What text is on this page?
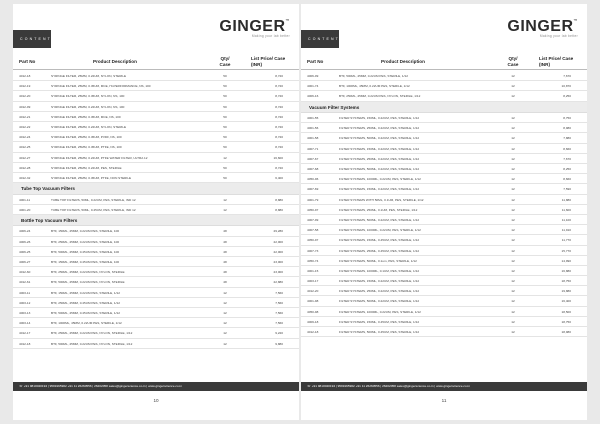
C O N T E N T S
GINGER™
Making your lab better
Part No	Product Description
Qty/ Case
List Price/ Case (INR)
4012-18	SYRINGE FILTER, 25MM, 0.22UM, NYLON, STERILE	50	8,720
4012-19	SYRINGE FILTER, 25MM, 0.45UM, MCE, HI-PERFORMANCE, NS, 100	50	8,720
4012-20	SYRINGE FILTER, 25MM, 0.45UM, NYLON, NS, 100	50	8,720
4012-09	SYRINGE FILTER, 25MM, 0.22UM, NYLON, NS, 100	50	8,720
4012-21	SYRINGE FILTER, 25MM, 0.45UM, MCE, NS, 100	50	8,720
4012-22	SYRINGE FILTER, 25MM, 0.22UM, NYLON, STERILE	50	8,720
4012-24	SYRINGE FILTER, 25MM, 0.45UM, PVDF, NS, 100	50	8,720
4012-25	SYRINGE FILTER, 25MM, 0.45UM, PTFE, NS, 100	50	8,720
4012-27	SYRINGE FILTER, 25MM, 0.22UM, PTFE WATER FILTER, ULTRA 12	12	16,600
4012-28	SYRINGE FILTER, 25MM, 0.22UM, PES, STERILE	50	8,720
4012-32	SYRINGE FILTER, 25MM, 0.45UM, PTFE, NON STERILE	50	6,400
Tube Top Vacuum Filters
4001-11	TUBE TOP FILTERS, 50ML, 0.22UM, PES, STERILE, IND 12	12	8,880
4001-20	TUBE TOP FILTERS, 50ML, 0.45UM, PES, STERILE, IND 12	12	8,880
Bottle Top Vacuum Filters
4006-24	BTF, 150ML, 45MM, 0.22UM PES, STERILE, 100	48	29,280
4006-26	BTF, 250ML, 45MM, 0.22UM PES, STERILE, 100	48	22,000
4006-25	BTF, 500ML, 45MM, 0.45UM PES, STERILE, 100	48	22,000
4006-27	BTF, 150ML, 45MM, 0.45UM PES, STERILE, 100	48	23,000
4012-60	BTF, 250ML, 45MM, 0.22UM PES, NYLON, STERILE	48	23,000
4012-61	BTF, 500ML, 45MM, 0.22UM PES, NYLON, STERILE	48	22,880
4003-11	BTF, 150ML, 45MM, 0.22UM PES, STERILE, 1/12	12	7,560
4003-12	BTF, 250ML, 45MM, 0.45UM PES, STERILE, 1/12	12	7,560
4003-13	BTF, 500ML, 45MM, 0.45UM PES, STERILE, 1/12	12	7,560
4003-14	BTF, 1000ML, 45MM, 0.22UM PES, STERILE, 1/12	12	7,560
4012-17	BTF, 250ML, 45MM, 0.22UM PES, NYLON, STERILE, 1/12	12	9,220
4012-18	BTF, 500ML, 45MM, 0.22UM PES, NYLON, STERILE, 1/12	12	9,880
☏ +91 9810020194 | 9599165902 +91 11 26260556 | 26202058 sales@gingerscience.co.in | www.gingerscience.co.in
10
C O N T E N T S
GINGER™
Making your lab better
Part No	Product Description
Qty/ Case
List Price/ Case (INR)
4006-09	BTF, 500ML, 45MM, 0.22UM PES, STERILE, 1/12	12	7,670
4001-74	BTF, 1000ML, 45MM, 0.22UM PES, STERILE, 1/12	12	10,870
4006-16	BTF, 250ML, 45MM, 0.22UM PES, NYLON, STERILE, 1/12	12	8,250
Vacuum Filter Systems
4001-55	FILTER SYSTEMS, 150ML, 0.22UM, PES, STERILE, 1/12	12	8,750
4001-56	FILTER SYSTEMS, 250ML, 0.22UM, PES, STERILE, 1/12	12	8,980
4001-58	FILTER SYSTEMS, 500ML, 0.22UM, PES, STERILE, 1/12	12	7,880
4007-71	FILTER SYSTEMS, 150ML, 0.22UM, PES, STERILE, 1/12	12	8,660
4007-67	FILTER SYSTEMS, 250ML, 0.22UM, PES, STERILE, 1/12	12	7,670
4007-68	FILTER SYSTEMS, 500ML, 0.22UM, PES, STERILE, 1/12	12	8,250
4050-96	FILTER SYSTEMS, 1000ML, 0.22UM, PES, STERILE, 1/12	12	8,660
4007-69	FILTER SYSTEMS, 150ML, 0.22UM, PES, STERILE, 1/12	12	7,590
4001-79	FILTER SYSTEMS WITH 50ML, 0.1UM, PES, STERILE, 1/12	12	11,880
4050-97	FILTER SYSTEMS, 250ML, 0.1UM, PES, STERILE, 1/12	12	11,600
4007-99	FILTER SYSTEMS, 500ML, 0.22UM, PES, STERILE, 1/12	12	11,100
4007-58	FILTER SYSTEMS, 1000ML, 0.22UM, PES, STERILE, 1/12	12	11,910
4050-97	FILTER SYSTEMS, 150ML, 0.45UM, PES, STERILE, 1/12	12	11,770
4007-73	FILTER SYSTEMS, 250ML, 0.45UM, PES, STERILE, 1/12	12	15,770
4050-74	FILTER SYSTEMS, 500ML, 0.1um, PES, STERILE, 1/12	12	14,990
4001-15	FILTER SYSTEMS, 1000ML, 0.1UM, PES, STERILE, 1/12	12	16,880
4003-17	FILTER SYSTEMS, 150ML, 0.22UM, PES, STERILE, 1/12	12	18,750
4012-20	FILTER SYSTEMS, 250ML, 0.22UM, PES, STERILE, 1/12	12	19,880
4001-98	FILTER SYSTEMS, 500ML, 0.22UM, PES, STERILE, 1/12	12	16,400
4050-98	FILTER SYSTEMS, 1000ML, 0.22UM, PES, STERILE, 1/12	12	18,500
4009-18	FILTER SYSTEMS, 150ML, 0.45UM, PES, STERILE, 1/12	12	18,750
4012-18	FILTER SYSTEMS, 500ML, 0.45UM, PES, STERILE, 1/12	12	18,980
☏ +91 9810020194 | 9599165902 +91 11 26260556 | 26202058 sales@gingerscience.co.in | www.gingerscience.co.in
11
